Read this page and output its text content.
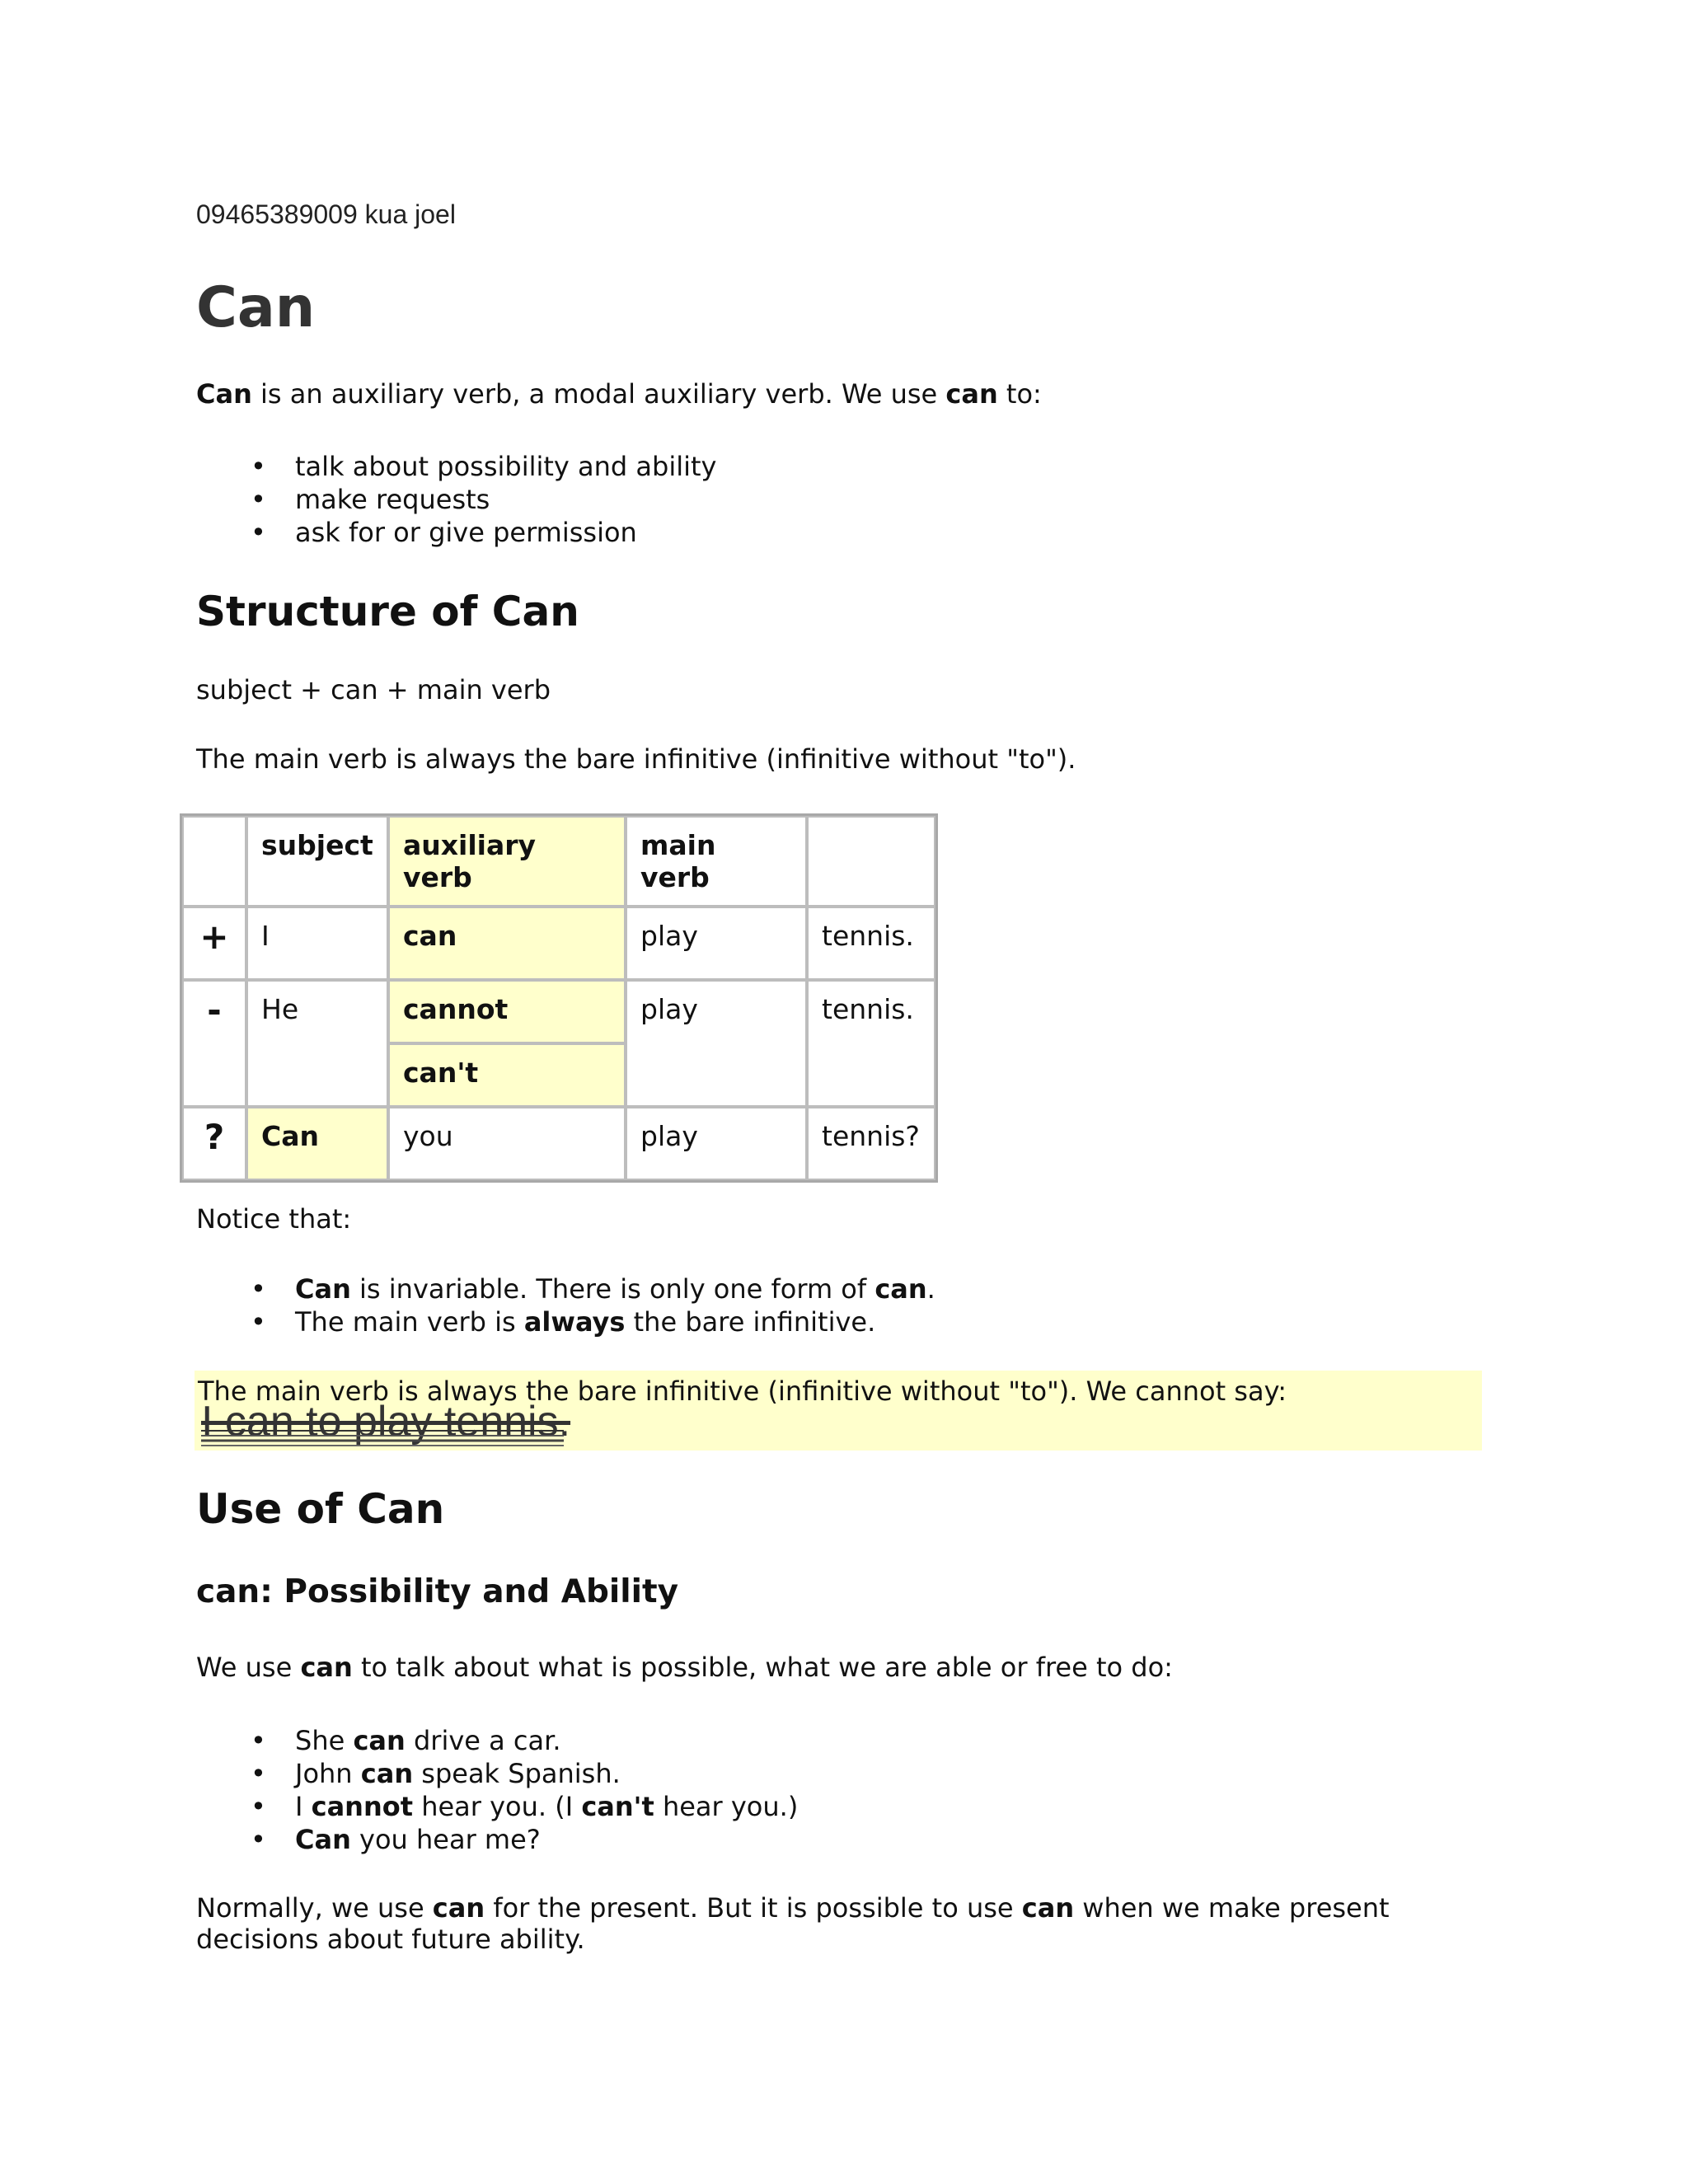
09465389009 kua joel

Can

Can is an auxiliary verb, a modal auxiliary verb. We use can to:

• talk about possibility and ability
• make requests
• ask for or give permission
Structure of Can

subject + can + main verb

The main verb is always the bare infinitive (infinitive without "to").

	subject	auxiliary verb	main verb	
+	I	can	play	tennis.
-	He	cannot	play	tennis.
		can't		
?	Can	you	play	tennis?

Notice that:

• Can is invariable. There is only one form of can.
• The main verb is always the bare infinitive.
The main verb is always the bare infinitive (infinitive without "to"). We cannot say:
I can to play tennis.
Use of Can
can: Possibility and Ability

We use can to talk about what is possible, what we are able or free to do:

• She can drive a car.
• John can speak Spanish.
• I cannot hear you. (I can't hear you.)
• Can you hear me?

Normally, we use can for the present. But it is possible to use can when we make present
decisions about future ability.
